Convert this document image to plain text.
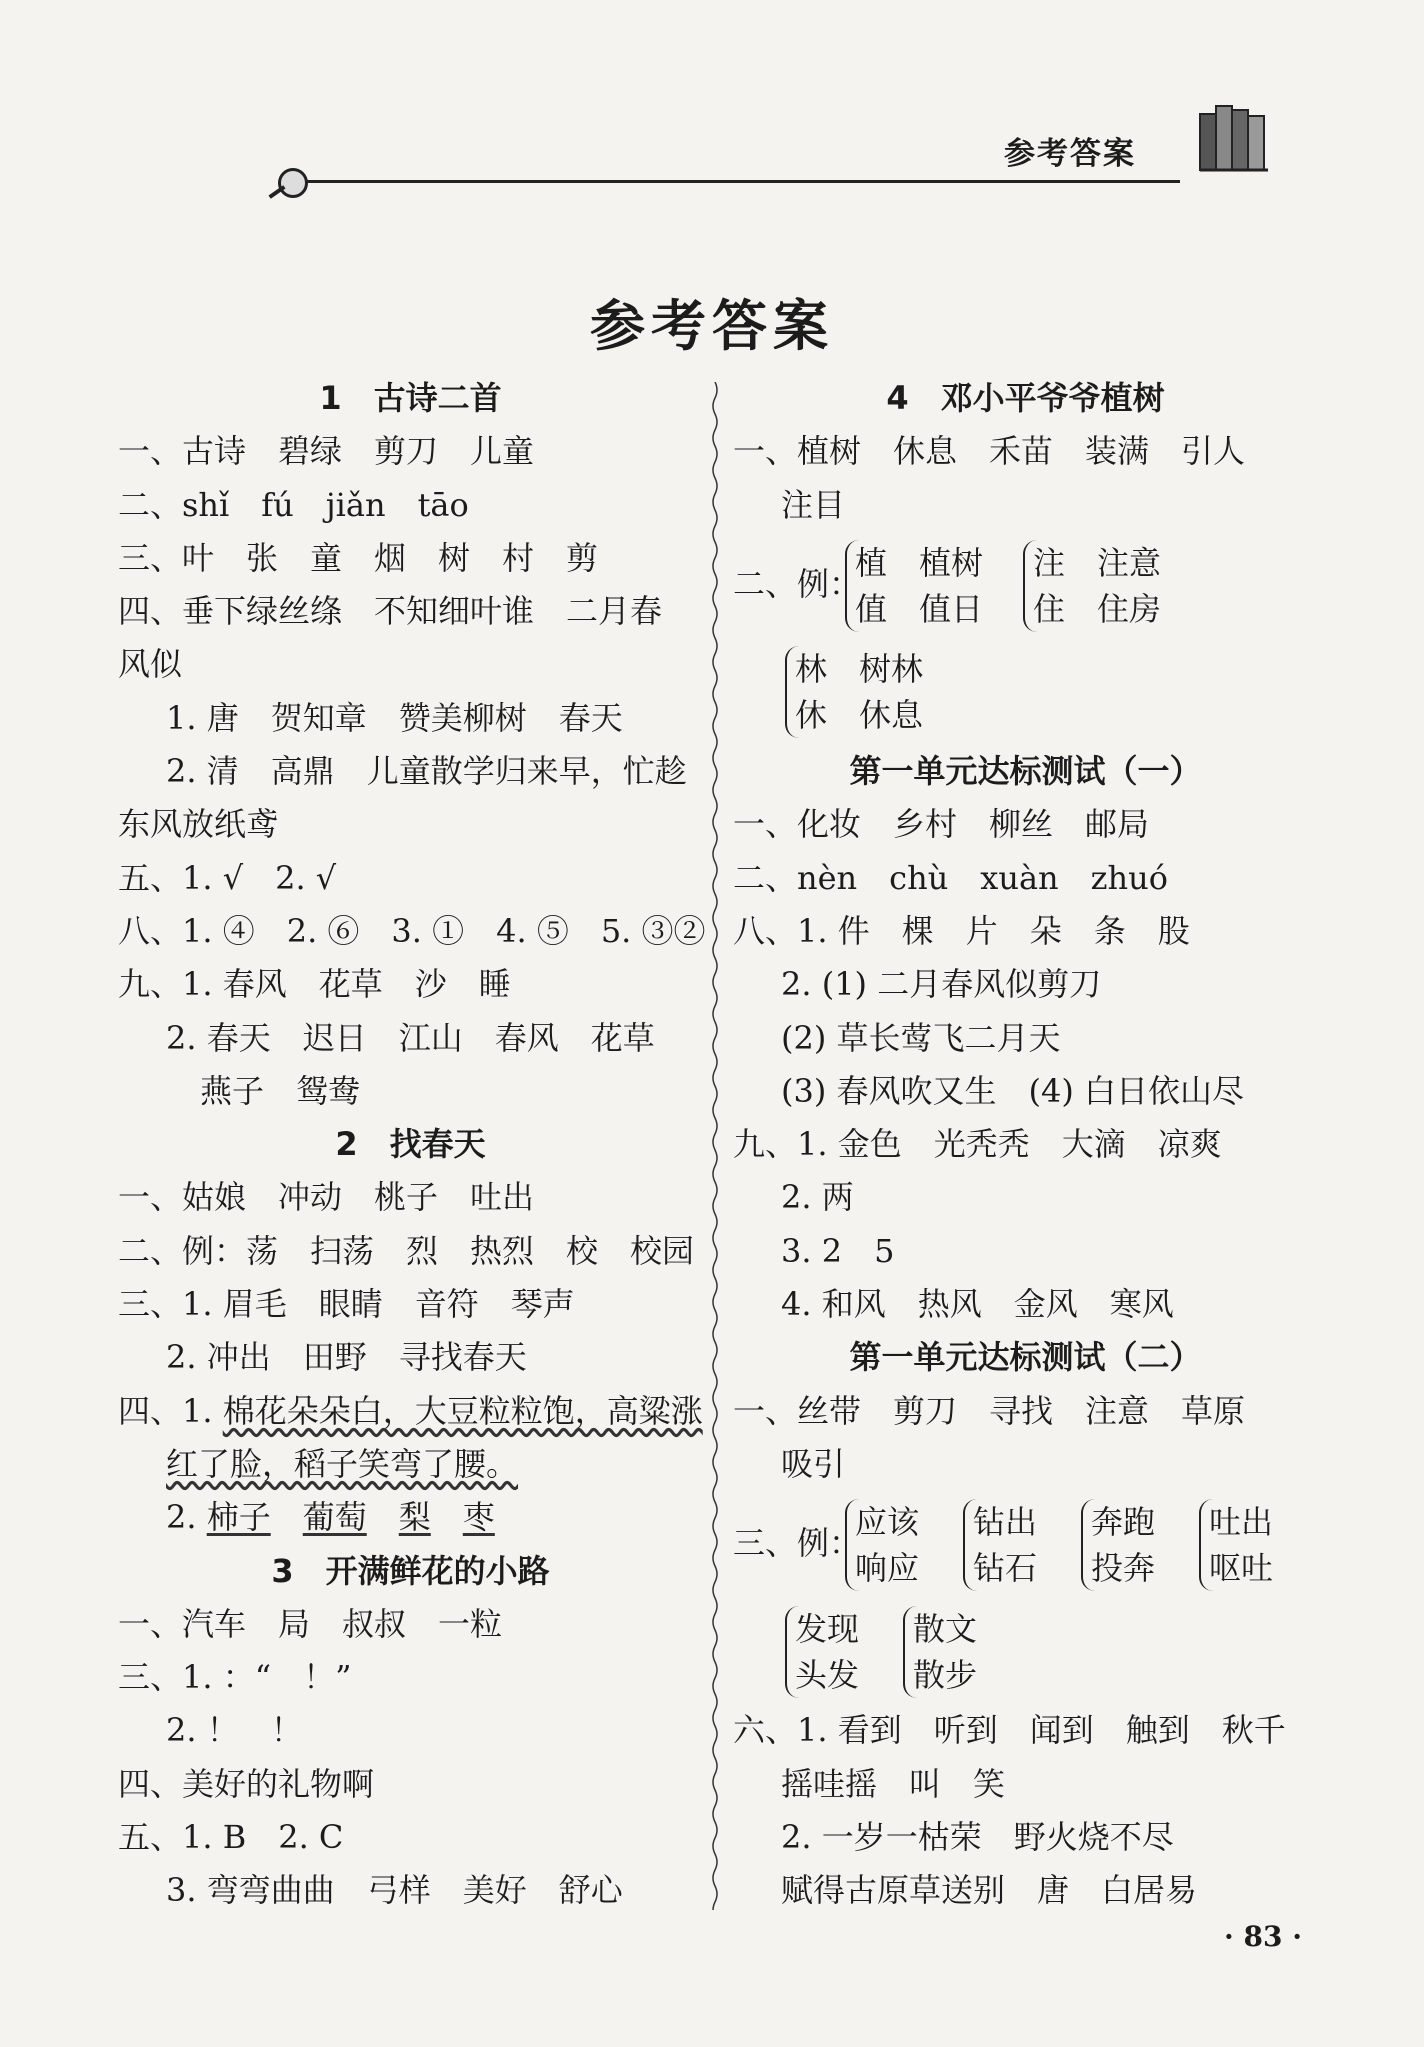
参考答案
参考答案
1　古诗二首
一、古诗　碧绿　剪刀　儿童
二、shǐ　fú　jiǎn　tāo
三、叶　张　童　烟　树　村　剪
四、垂下绿丝绦　不知细叶谁　二月春
风似
1. 唐　贺知章　赞美柳树　春天
2. 清　高鼎　儿童散学归来早，忙趁
东风放纸鸢
五、1. √　2. √
八、1. ④　2. ⑥　3. ①　4. ⑤　5. ③②
九、1. 春风　花草　沙　睡
2. 春天　迟日　江山　春风　花草
燕子　鸳鸯
2　找春天
一、姑娘　冲动　桃子　吐出
二、例：荡　扫荡　烈　热烈　校　校园
三、1. 眉毛　眼睛　音符　琴声
2. 冲出　田野　寻找春天
四、1. 棉花朵朵白，大豆粒粒饱，高粱涨
红了脸，稻子笑弯了腰。
2. 柿子　 葡萄　 梨　 枣
3　开满鲜花的小路
一、汽车　局　叔叔　一粒
三、1. ：“　！”
2. ！　！
四、美好的礼物啊
五、1. B　2. C
3. 弯弯曲曲　弓样　美好　舒心
4　邓小平爷爷植树
一、植树　休息　禾苗　装满　引人
注目
二、例：
植　植树
值　值日
注　注意
住　住房
林　树林
休　休息
第一单元达标测试（一）
一、化妆　乡村　柳丝　邮局
二、nèn　chù　xuàn　zhuó
八、1. 件　棵　片　朵　条　股
2. (1) 二月春风似剪刀
(2) 草长莺飞二月天
(3) 春风吹又生　(4) 白日依山尽
九、1. 金色　光秃秃　大滴　凉爽
2. 两
3. 2　5
4. 和风　热风　金风　寒风
第一单元达标测试（二）
一、丝带　剪刀　寻找　注意　草原
吸引
三、例：
应该
响应
钻出
钻石
奔跑
投奔
吐出
呕吐
发现
头发
散文
散步
六、1. 看到　听到　闻到　触到　秋千
摇哇摇　叫　笑
2. 一岁一枯荣　野火烧不尽
赋得古原草送别　唐　白居易
· 83 ·
